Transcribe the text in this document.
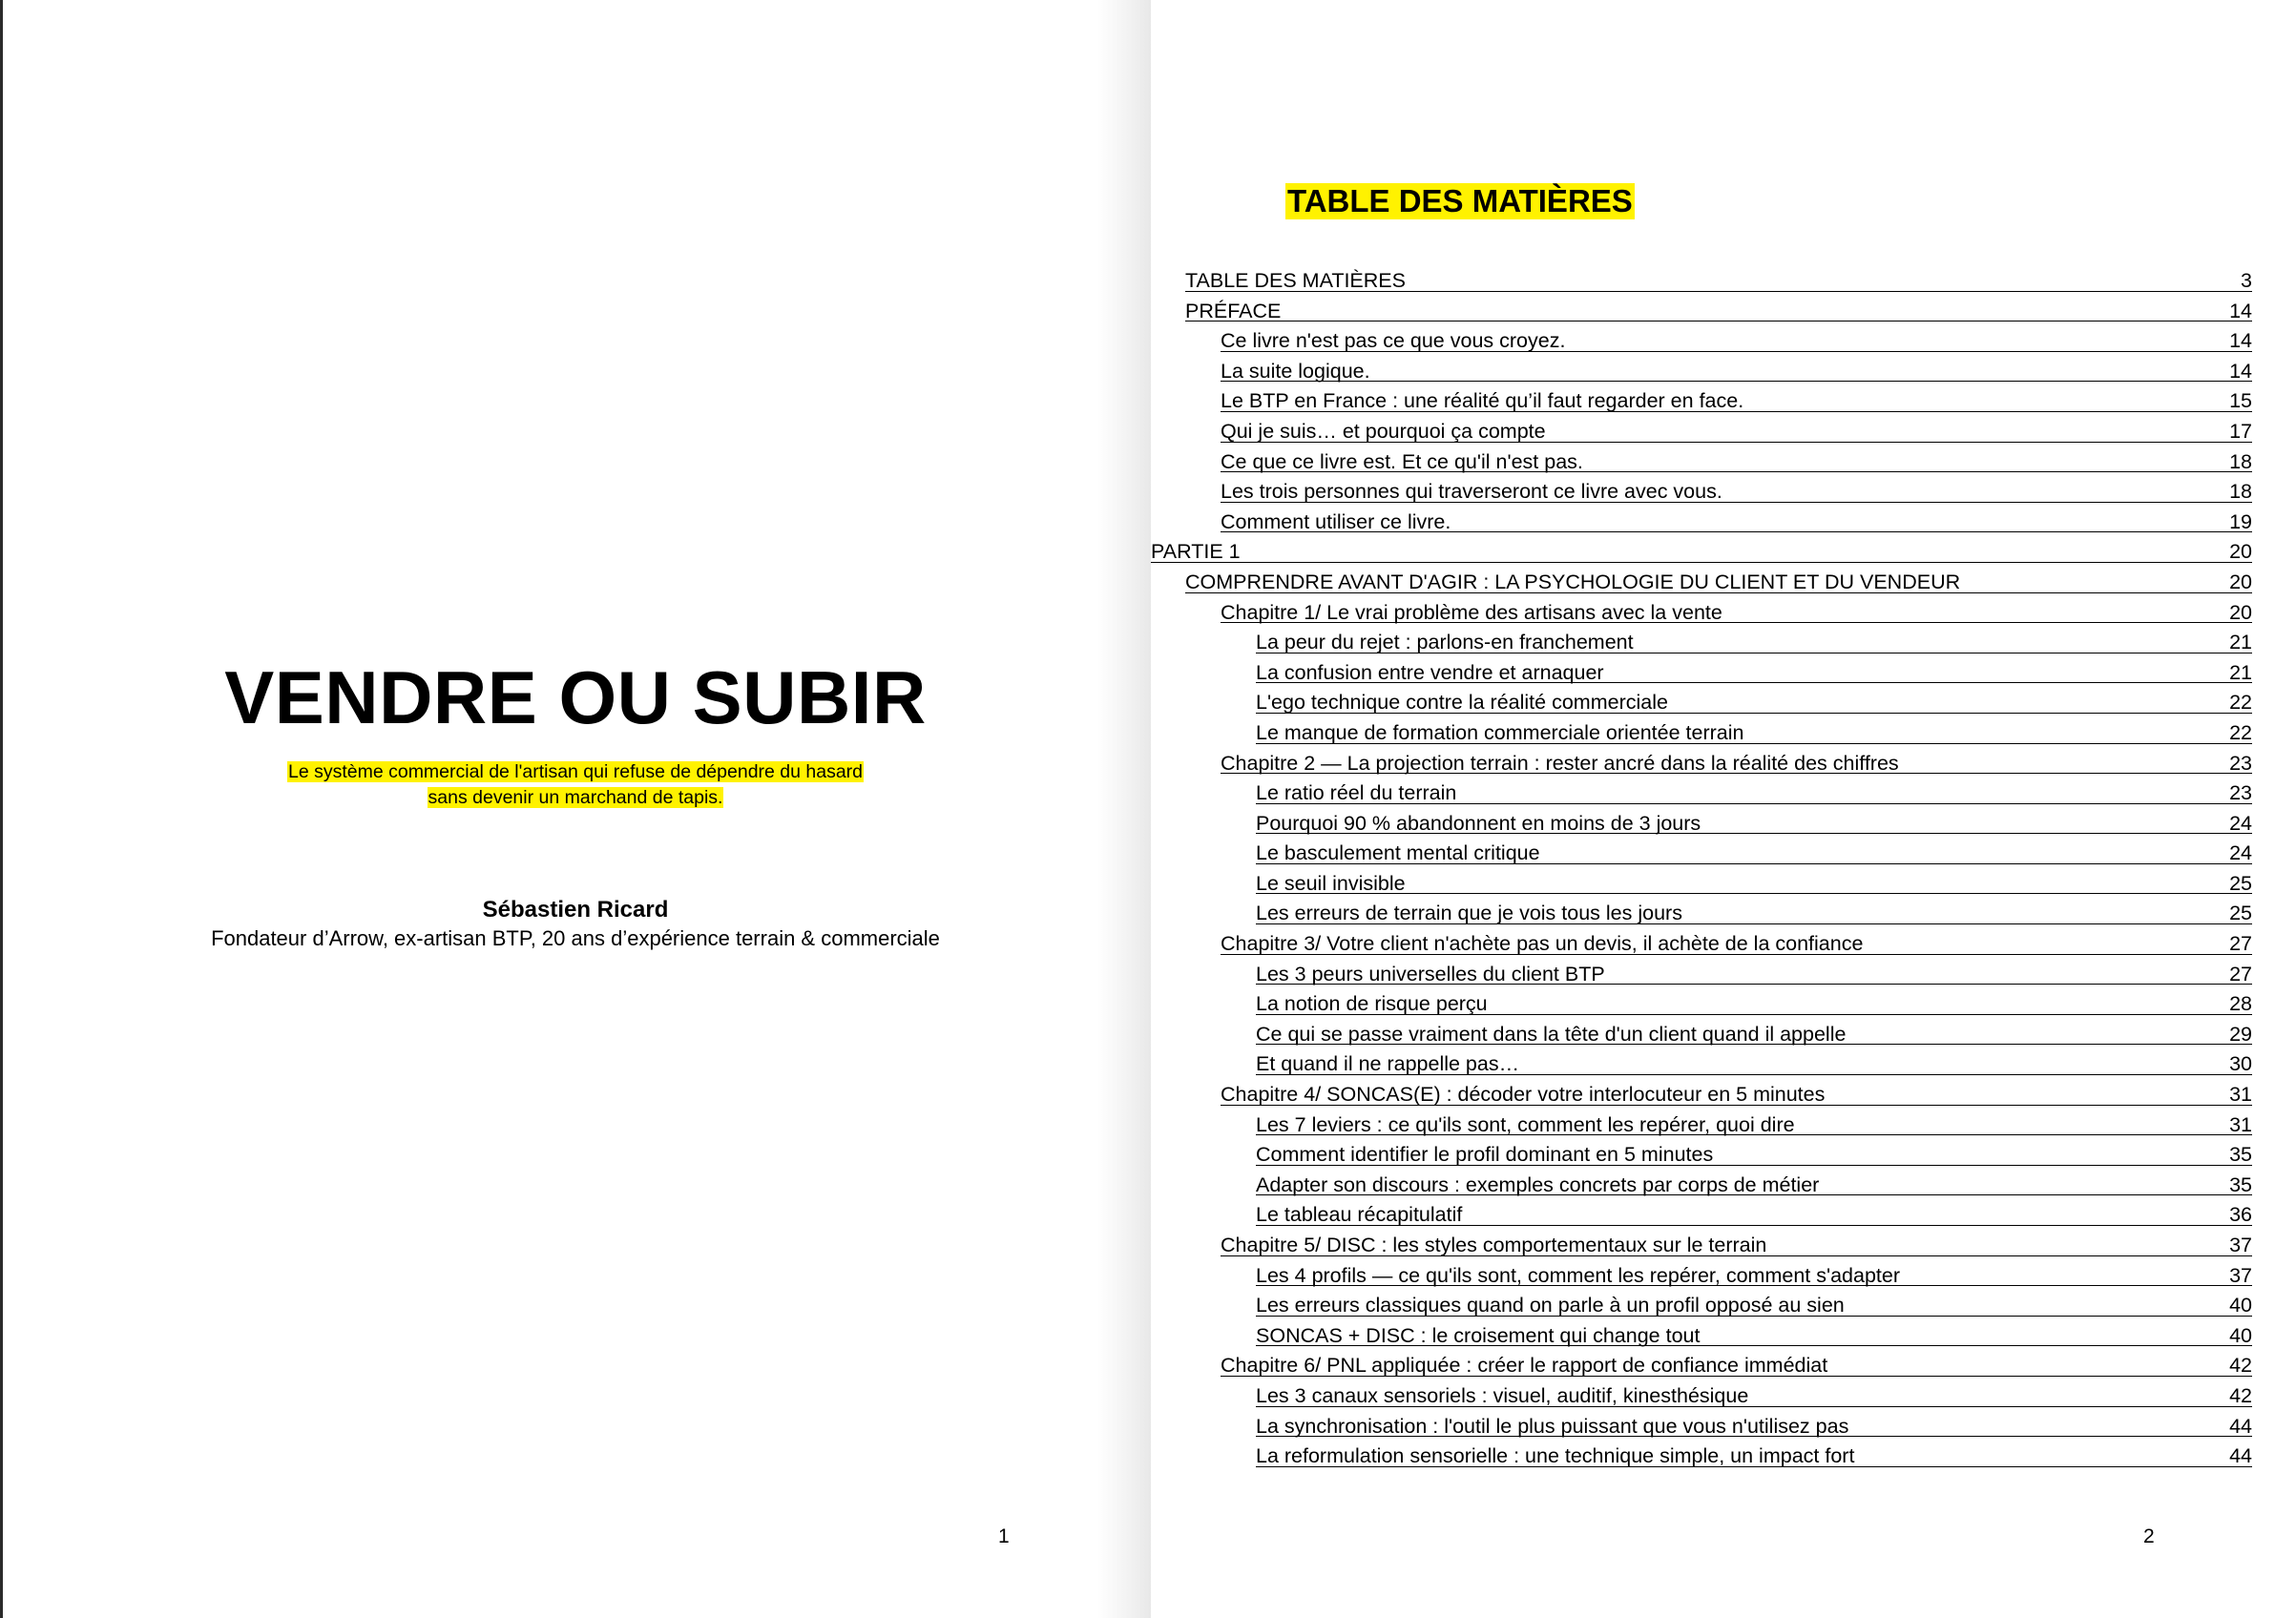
VENDRE OU SUBIR
Le système commercial de l'artisan qui refuse de dépendre du hasard
sans devenir un marchand de tapis.
Sébastien Ricard
Fondateur d’Arrow, ex-artisan BTP, 20 ans d’expérience terrain & commerciale
1
TABLE DES MATIÈRES
TABLE DES MATIÈRES	3
PRÉFACE	14
Ce livre n'est pas ce que vous croyez.	14
La suite logique.	14
Le BTP en France : une réalité qu’il faut regarder en face.	15
Qui je suis… et pourquoi ça compte	17
Ce que ce livre est. Et ce qu'il n'est pas.	18
Les trois personnes qui traverseront ce livre avec vous.	18
Comment utiliser ce livre.	19
PARTIE 1	20
COMPRENDRE AVANT D'AGIR : LA PSYCHOLOGIE DU CLIENT ET DU VENDEUR	20
Chapitre 1/ Le vrai problème des artisans avec la vente	20
La peur du rejet : parlons-en franchement	21
La confusion entre vendre et arnaquer	21
L'ego technique contre la réalité commerciale	22
Le manque de formation commerciale orientée terrain	22
Chapitre 2 — La projection terrain : rester ancré dans la réalité des chiffres	23
Le ratio réel du terrain	23
Pourquoi 90 % abandonnent en moins de 3 jours	24
Le basculement mental critique	24
Le seuil invisible	25
Les erreurs de terrain que je vois tous les jours	25
Chapitre 3/ Votre client n'achète pas un devis, il achète de la confiance	27
Les 3 peurs universelles du client BTP	27
La notion de risque perçu	28
Ce qui se passe vraiment dans la tête d'un client quand il appelle	29
Et quand il ne rappelle pas…	30
Chapitre 4/ SONCAS(E) : décoder votre interlocuteur en 5 minutes	31
Les 7 leviers : ce qu'ils sont, comment les repérer, quoi dire	31
Comment identifier le profil dominant en 5 minutes	35
Adapter son discours : exemples concrets par corps de métier	35
Le tableau récapitulatif	36
Chapitre 5/ DISC : les styles comportementaux sur le terrain	37
Les 4 profils — ce qu'ils sont, comment les repérer, comment s'adapter	37
Les erreurs classiques quand on parle à un profil opposé au sien	40
SONCAS + DISC : le croisement qui change tout	40
Chapitre 6/ PNL appliquée : créer le rapport de confiance immédiat	42
Les 3 canaux sensoriels : visuel, auditif, kinesthésique	42
La synchronisation : l'outil le plus puissant que vous n'utilisez pas	44
La reformulation sensorielle : une technique simple, un impact fort	44
2
